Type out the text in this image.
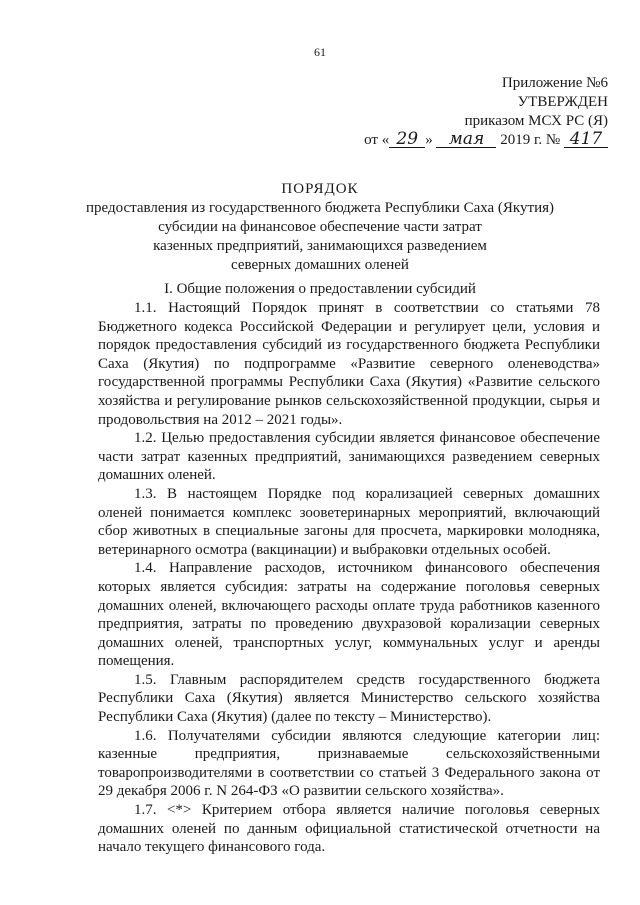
61
Приложение №6
УТВЕРЖДЕН
приказом МСХ РС (Я)
от « 29 » мая 2019 г. № 417
ПОРЯДОК
предоставления из государственного бюджета Республики Саха (Якутия)
субсидии на финансовое обеспечение части затрат
казенных предприятий, занимающихся разведением
северных домашних оленей
I. Общие положения о предоставлении субсидий

1.1. Настоящий Порядок принят в соответствии со статьями 78 Бюджетного кодекса Российской Федерации и регулирует цели, условия и порядок предоставления субсидий из государственного бюджета Республики Саха (Якутия) по подпрограмме «Развитие северного оленеводства» государственной программы Республики Саха (Якутия) «Развитие сельского хозяйства и регулирование рынков сельскохозяйственной продукции, сырья и продовольствия на 2012 – 2021 годы».

1.2. Целью предоставления субсидии является финансовое обеспечение части затрат казенных предприятий, занимающихся разведением северных домашних оленей.

1.3. В настоящем Порядке под корализацией северных домашних оленей понимается комплекс зооветеринарных мероприятий, включающий сбор животных в специальные загоны для просчета, маркировки молодняка, ветеринарного осмотра (вакцинации) и выбраковки отдельных особей.

1.4. Направление расходов, источником финансового обеспечения которых является субсидия: затраты на содержание поголовья северных домашних оленей, включающего расходы оплате труда работников казенного предприятия, затраты по проведению двухразовой корализации северных домашних оленей, транспортных услуг, коммунальных услуг и аренды помещения.

1.5. Главным распорядителем средств государственного бюджета Республики Саха (Якутия) является Министерство сельского хозяйства Республики Саха (Якутия) (далее по тексту – Министерство).

1.6. Получателями субсидии являются следующие категории лиц: казенные предприятия, признаваемые сельскохозяйственными товаропроизводителями в соответствии со статьей 3 Федерального закона от 29 декабря 2006 г. N 264-ФЗ «О развитии сельского хозяйства».

1.7. <*> Критерием отбора является наличие поголовья северных домашних оленей по данным официальной статистической отчетности на начало текущего финансового года.
